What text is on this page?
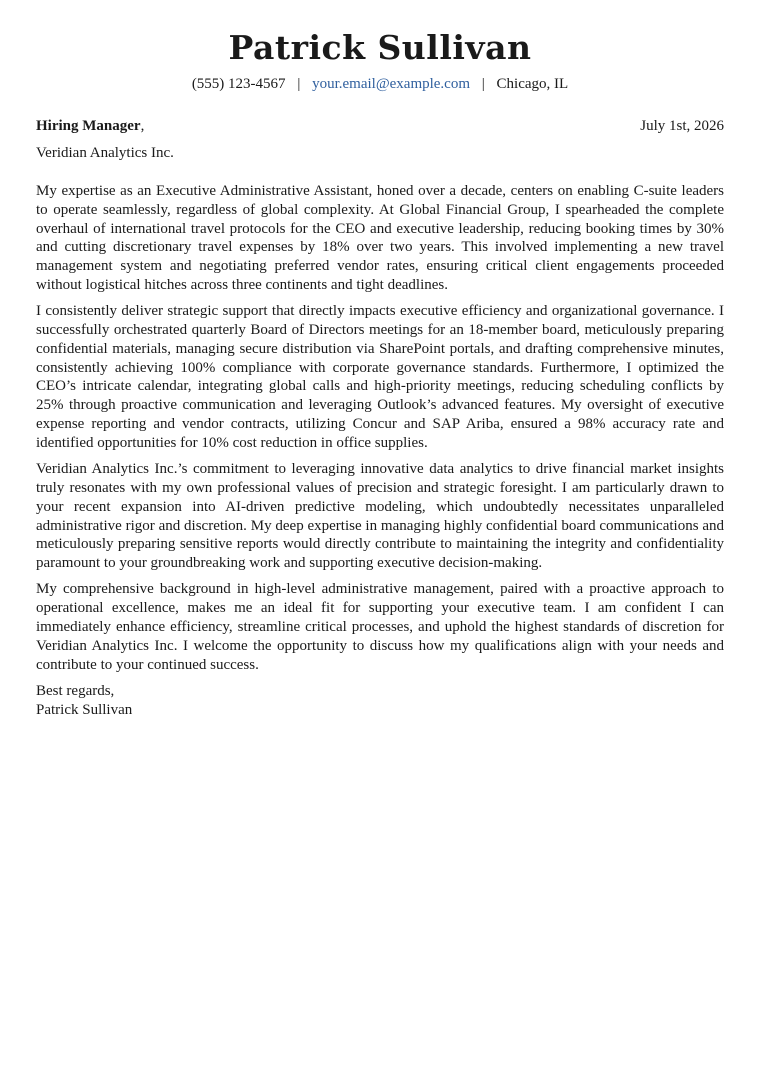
Patrick Sullivan
(555) 123-4567 | your.email@example.com | Chicago, IL
Hiring Manager,	July 1st, 2026
Veridian Analytics Inc.

My expertise as an Executive Administrative Assistant, honed over a decade, centers on enabling C-suite leaders to operate seamlessly, regardless of global complexity. At Global Financial Group, I spearheaded the complete overhaul of international travel protocols for the CEO and executive leadership, reducing booking times by 30% and cutting discretionary travel expenses by 18% over two years. This involved implementing a new travel management system and negotiating preferred vendor rates, ensuring critical client engagements proceeded without logistical hitches across three continents and tight deadlines.

I consistently deliver strategic support that directly impacts executive efficiency and organizational governance. I successfully orchestrated quarterly Board of Directors meetings for an 18-member board, meticulously preparing confidential materials, managing secure distribution via SharePoint portals, and drafting comprehensive minutes, consistently achieving 100% compliance with corporate governance standards. Furthermore, I optimized the CEO’s intricate calendar, integrating global calls and high-priority meetings, reducing scheduling conflicts by 25% through proactive communication and leveraging Outlook’s advanced features. My oversight of executive expense reporting and vendor contracts, utilizing Concur and SAP Ariba, ensured a 98% accuracy rate and identified opportunities for 10% cost reduction in office supplies.

Veridian Analytics Inc.’s commitment to leveraging innovative data analytics to drive financial market insights truly resonates with my own professional values of precision and strategic foresight. I am particularly drawn to your recent expansion into AI-driven predictive modeling, which undoubtedly necessitates unparalleled administrative rigor and discretion. My deep expertise in managing highly confidential board communications and meticulously preparing sensitive reports would directly contribute to maintaining the integrity and confidentiality paramount to your groundbreaking work and supporting executive decision-making.

My comprehensive background in high-level administrative management, paired with a proactive approach to operational excellence, makes me an ideal fit for supporting your executive team. I am confident I can immediately enhance efficiency, streamline critical processes, and uphold the highest standards of discretion for Veridian Analytics Inc. I welcome the opportunity to discuss how my qualifications align with your needs and contribute to your continued success.

Best regards,
Patrick Sullivan
